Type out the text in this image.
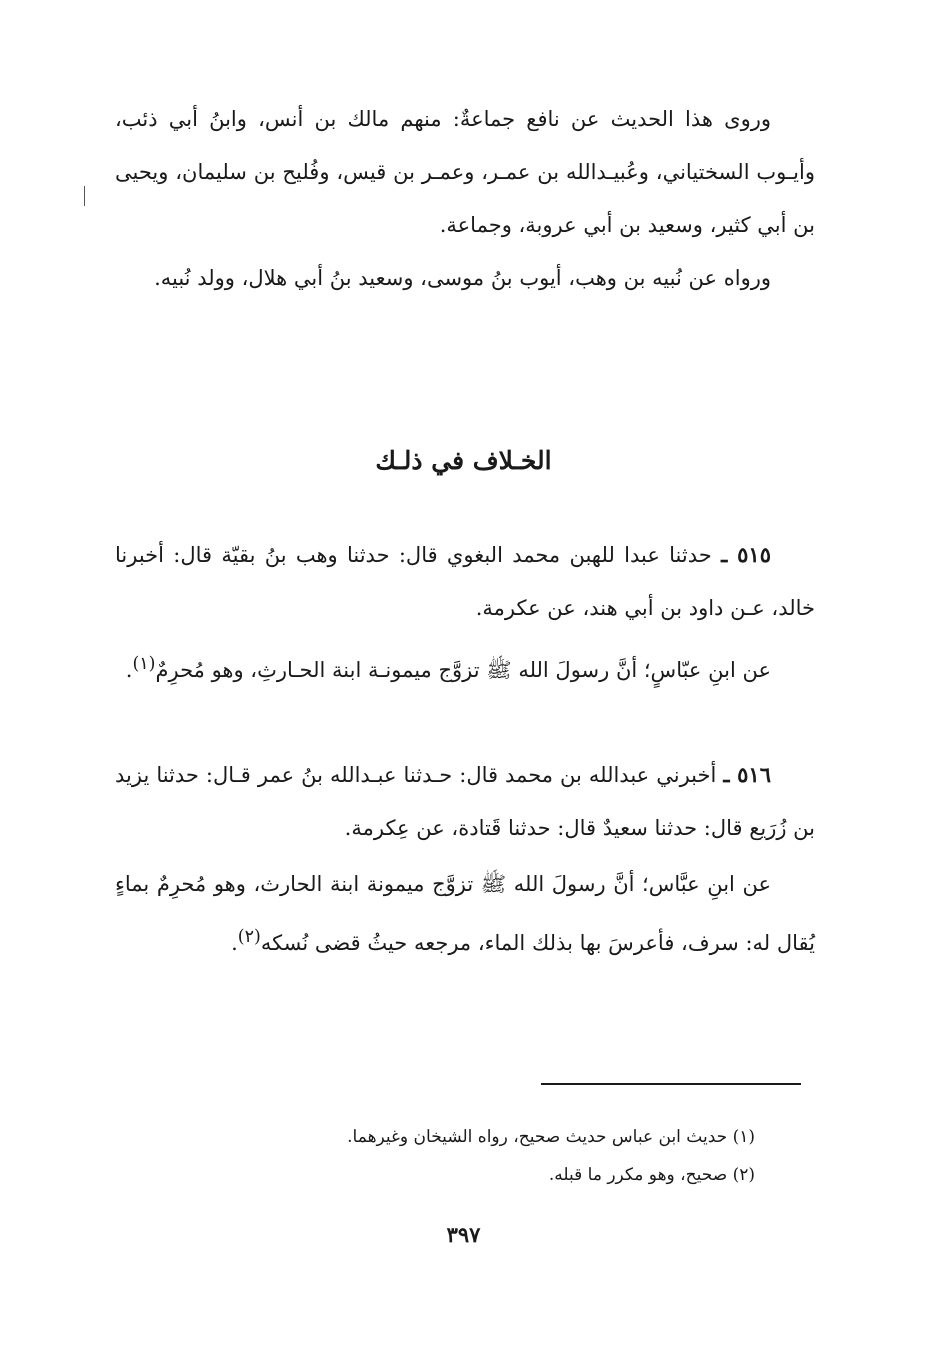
وروى هذا الحديث عن نافع جماعةٌ: منهم مالك بن أنس، وابنُ أبي ذئب، وأيـوب السختياني، وعُبيـدالله بن عمـر، وعمـر بن قيس، وفُليح بن سليمان، ويحيى بن أبي كثير، وسعيد بن أبي عروبة، وجماعة.

ورواه عن نُبيه بن وهب، أيوب بنُ موسى، وسعيد بنُ أبي هلال، وولد نُبيه.

الخـلاف في ذلـك

٥١٥ ـ حدثنا عبدا للهبن محمد البغوي قال: حدثنا وهب بنُ بقيّة قال: أخبرنا خالد، عـن داود بن أبي هند، عن عكرمة.

عن ابنِ عبّاسٍ؛ أنَّ رسولَ الله ﷺ تزوَّج ميمونـة ابنة الحـارثِ، وهو مُحرِمٌ$^{(١)}$.

٥١٦ ـ أخبرني عبدالله بن محمد قال: حـدثنا عبـدالله بنُ عمر قـال: حدثنا يزيد بن زُرَيع قال: حدثنا سعيدٌ قال: حدثنا قَتادة، عن عِكرمة.

عن ابنِ عبَّاس؛ أنَّ رسولَ الله ﷺ تزوَّج ميمونة ابنة الحارث، وهو مُحرِمٌ بماءٍ يُقال له: سرف، فأعرسَ بها بذلك الماء، مرجعه حيثُ قضى نُسكه$^{(٢)}$.

(١) حديث ابن عباس حديث صحيح، رواه الشيخان وغيرهما.
(٢) صحيح، وهو مكرر ما قبله.
٣٩٧
